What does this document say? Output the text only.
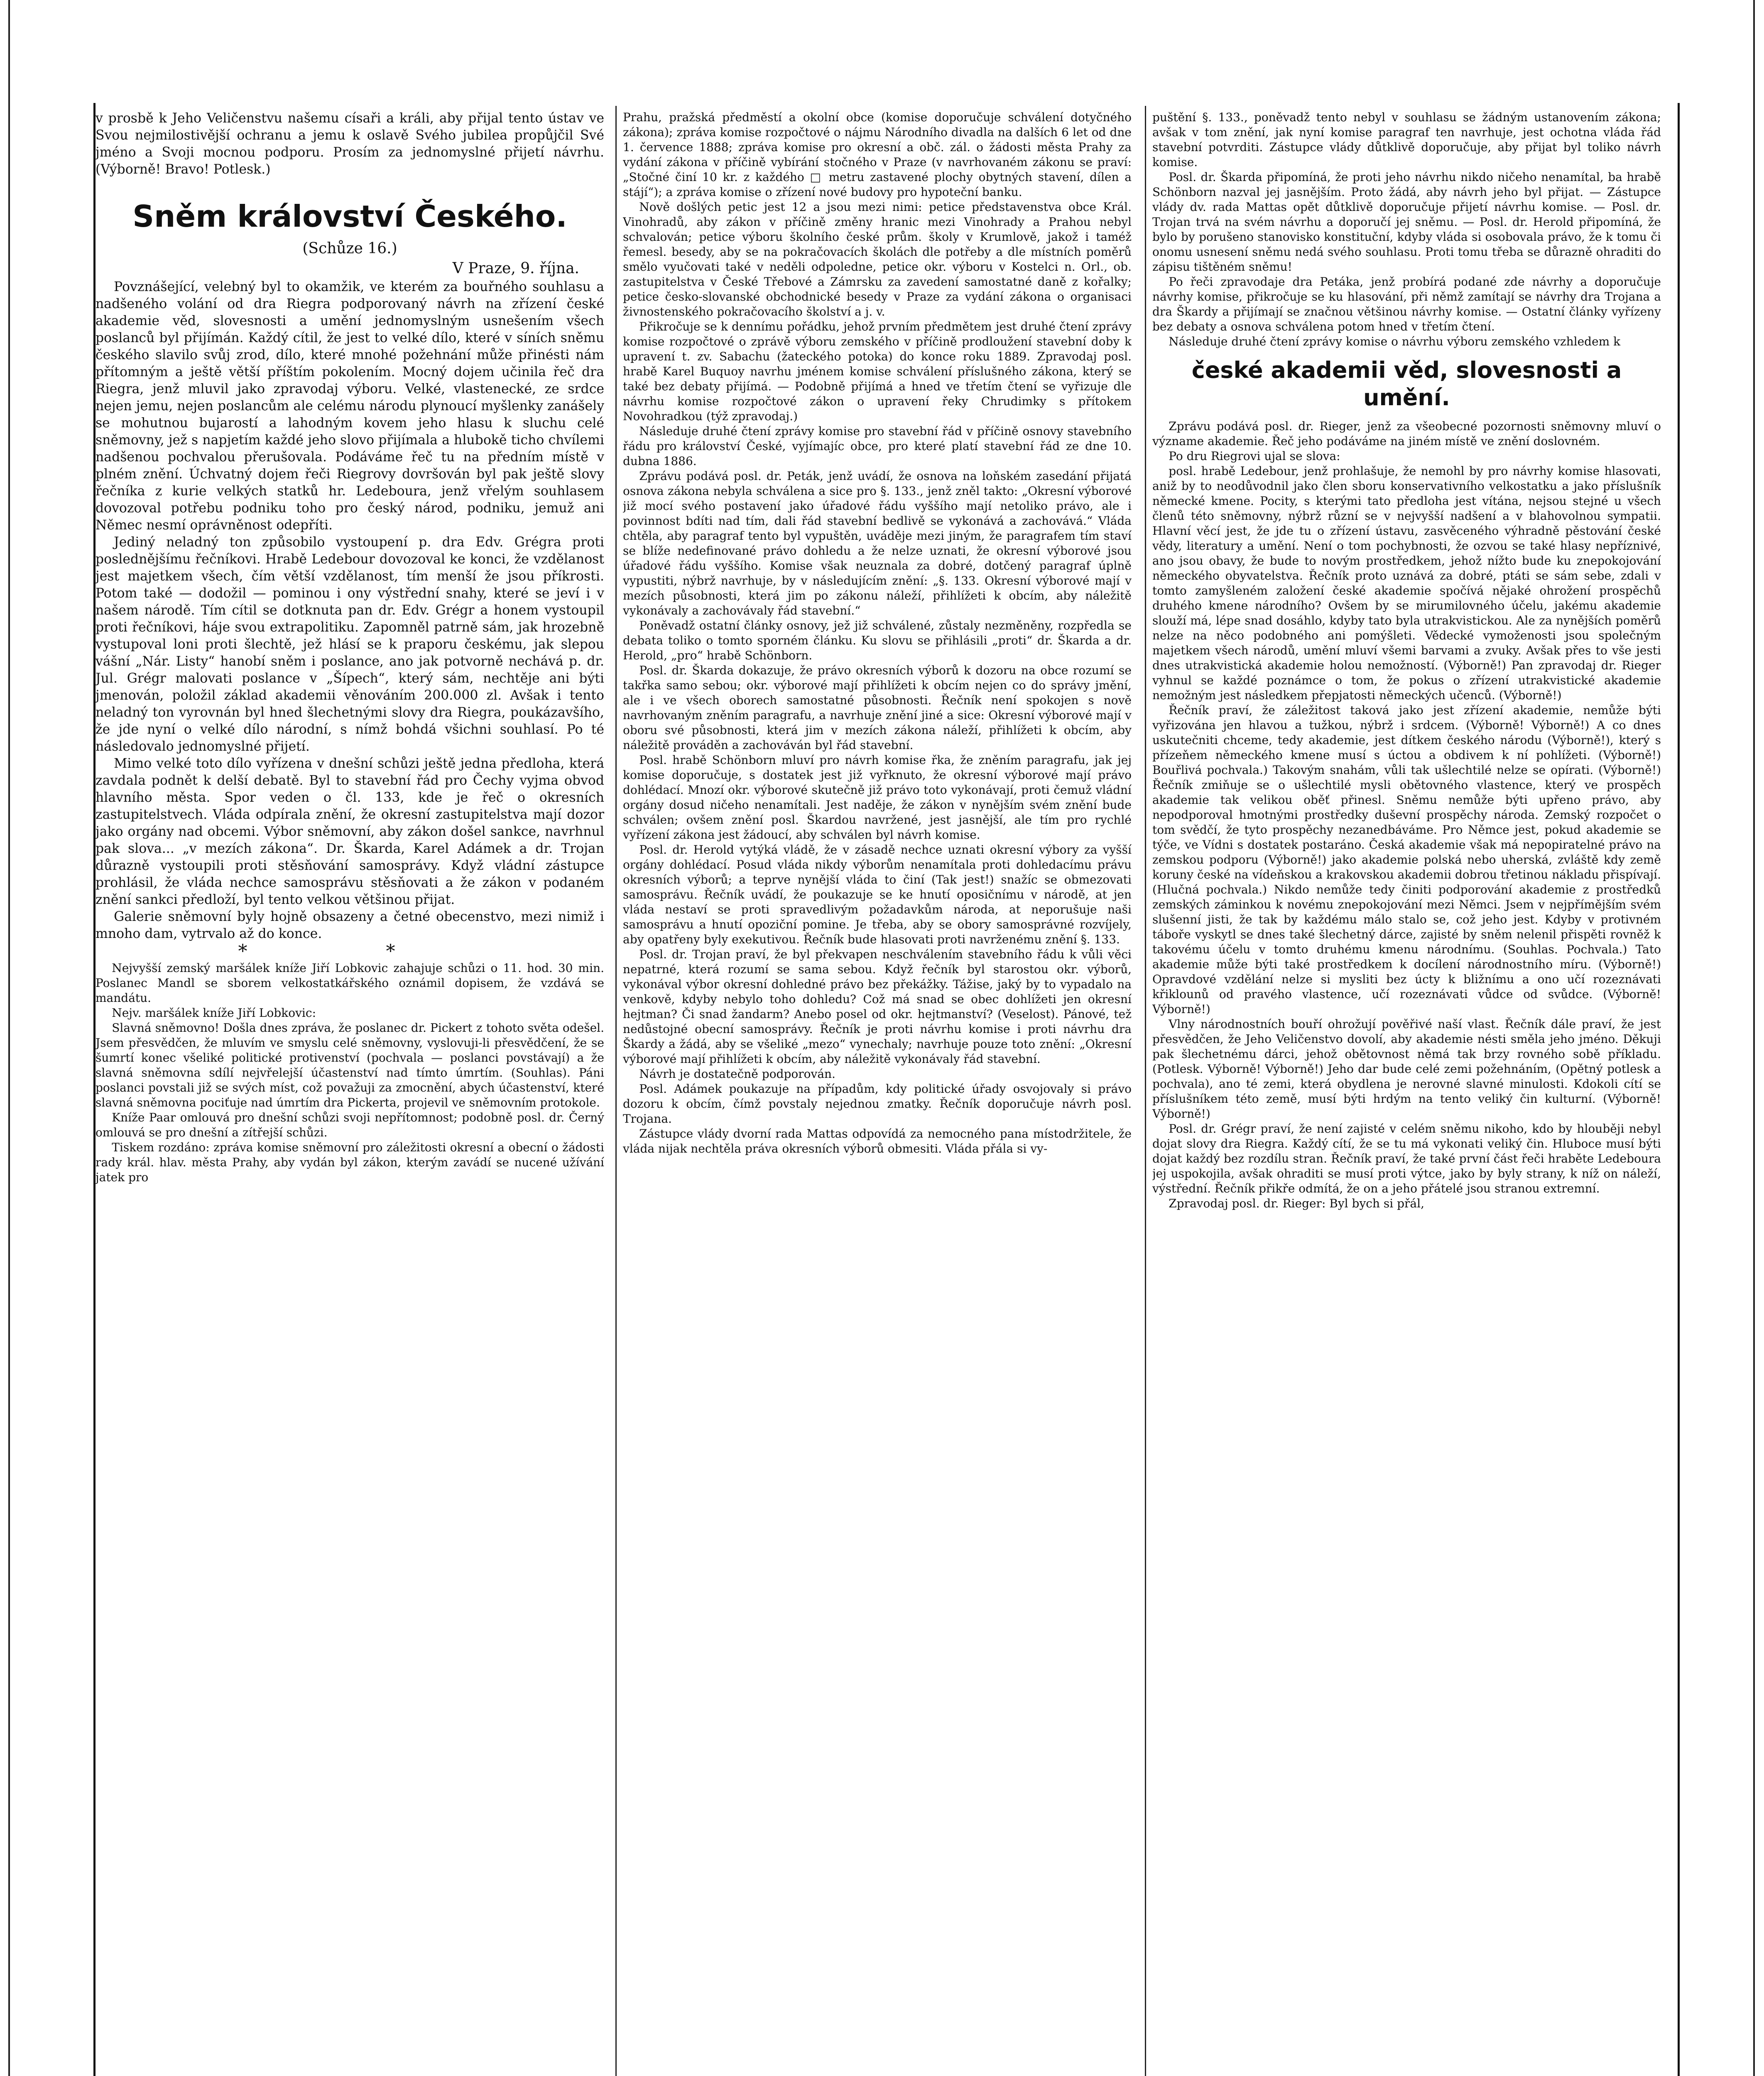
v prosbě k Jeho Veličenstvu našemu císaři a králi, aby přijal tento ústav ve Svou nejmilostivější ochranu a jemu k oslavě Svého jubilea propůjčil Své jméno a Svoji mocnou podporu. Prosím za jednomyslné přijetí návrhu. (Výborně! Bravo! Potlesk.)

Sněm království Českého.
(Schůze 16.)
V Praze, 9. října.

Povznášející, velebný byl to okamžik, ve kterém za bouřného souhlasu a nadšeného volání od dra Riegra podporovaný návrh na zřízení české akademie věd, slovesnosti a umění jednomyslným usnešením všech poslanců byl přijímán. Každý cítil, že jest to velké dílo, které v síních sněmu českého slavilo svůj zrod, dílo, které mnohé požehnání může přinésti nám přítomným a ještě větší příštím pokolením. Mocný dojem učinila řeč dra Riegra, jenž mluvil jako zpravodaj výboru. Velké, vlastenecké, ze srdce nejen jemu, nejen poslancům ale celému národu plynoucí myšlenky zanášely se mohutnou bujarostí a lahodným kovem jeho hlasu k sluchu celé sněmovny, jež s napjetím každé jeho slovo přijímala a hlubokě ticho chvílemi nadšenou pochvalou přerušovala. Podáváme řeč tu na předním místě v plném znění. Úchvatný dojem řeči Riegrovy dovršován byl pak ještě slovy řečníka z kurie velkých statků hr. Ledeboura, jenž vřelým souhlasem dovozoval potřebu podniku toho pro český národ, podniku, jemuž ani Němec nesmí oprávněnost odepříti.

Jediný neladný ton způsobilo vystoupení p. dra Edv. Grégra proti poslednějšímu řečníkovi. Hrabě Ledebour dovozoval ke konci, že vzdělanost jest majetkem všech, čím větší vzdělanost, tím menší že jsou příkrosti. Potom také — dodožil — pominou i ony výstřední snahy, které se jeví i v našem národě. Tím cítil se dotknuta pan dr. Edv. Grégr a honem vystoupil proti řečníkovi, háje svou extrapolitiku. Zapomněl patrně sám, jak hrozebně vystupoval loni proti šlechtě, jež hlásí se k praporu českému, jak slepou vášní „Nár. Listy“ hanobí sněm i poslance, ano jak potvorně nechává p. dr. Jul. Grégr malovati poslance v „Šípech“, který sám, nechtěje ani býti jmenován, položil základ akademii věnováním 200.000 zl. Avšak i tento neladný ton vyrovnán byl hned šlechetnými slovy dra Riegra, poukázavšího, že jde nyní o velké dílo národní, s nímž bohdá všichni souhlasí. Po té následovalo jednomyslné přijetí.

Mimo velké toto dílo vyřízena v dnešní schůzi ještě jedna předloha, která zavdala podnět k delší debatě. Byl to stavební řád pro Čechy vyjma obvod hlavního města. Spor veden o čl. 133, kde je řeč o okresních zastupitelstvech. Vláda odpírala znění, že okresní zastupitelstva mají dozor jako orgány nad obcemi. Výbor sněmovní, aby zákon došel sankce, navrhnul pak slova... „v mezích zákona“. Dr. Škarda, Karel Adámek a dr. Trojan důrazně vystoupili proti stěsňování samosprávy. Když vládní zástupce prohlásil, že vláda nechce samosprávu stěsňovati a že zákon v podaném znění sankci předloží, byl tento velkou většinou přijat.

Galerie sněmovní byly hojně obsazeny a četné obecenstvo, mezi nimiž i mnoho dam, vytrvalo až do konce.

* *

Nejvyšší zemský maršálek kníže Jiří Lobkovic zahajuje schůzi o 11. hod. 30 min. Poslanec Mandl se sborem velkostatkářského oznámil dopisem, že vzdává se mandátu.

Nejv. maršálek kníže Jiří Lobkovic:

Slavná sněmovno! Došla dnes zpráva, že poslanec dr. Pickert z tohoto světa odešel. Jsem přesvědčen, že mluvím ve smyslu celé sněmovny, vyslovuji-li přesvědčení, že se šumrtí konec všeliké politické protivenství (pochvala — poslanci povstávají) a že slavná sněmovna sdílí nejvřelejší účastenství nad tímto úmrtím. (Souhlas). Páni poslanci povstali již se svých míst, což považuji za zmocnění, abych účastenství, které slavná sněmovna pociťuje nad úmrtím dra Pickerta, projevil ve sněmovním protokole.

Kníže Paar omlouvá pro dnešní schůzi svoji nepřítomnost; podobně posl. dr. Černý omlouvá se pro dnešní a zítřejší schůzi.

Tiskem rozdáno: zpráva komise sněmovní pro záležitosti okresní a obecní o žádosti rady král. hlav. města Prahy, aby vydán byl zákon, kterým zavádí se nucené užívání jatek pro

Prahu, pražská předměstí a okolní obce (komise doporučuje schválení dotyčného zákona); zpráva komise rozpočtové o nájmu Národního divadla na dalších 6 let od dne 1. července 1888; zpráva komise pro okresní a obč. zál. o žádosti města Prahy za vydání zákona v příčině vybírání stočného v Praze (v navrhovaném zákonu se praví: „Stočné činí 10 kr. z každého □ metru zastavené plochy obytných stavení, dílen a stájí“); a zpráva komise o zřízení nové budovy pro hypoteční banku.

Nově došlých petic jest 12 a jsou mezi nimi: petice představenstva obce Král. Vinohradů, aby zákon v příčině změny hranic mezi Vinohrady a Prahou nebyl schvalován; petice výboru školního české prům. školy v Krumlově, jakož i taméž řemesl. besedy, aby se na pokračovacích školách dle potřeby a dle místních poměrů smělo vyučovati také v neděli odpoledne, petice okr. výboru v Kostelci n. Orl., ob. zastupitelstva v České Třebové a Zámrsku za zavedení samostatné daně z kořalky; petice česko-slovanské obchodnické besedy v Praze za vydání zákona o organisaci živnostenského pokračovacího školství a j. v.

Přikročuje se k dennímu pořádku, jehož prvním předmětem jest druhé čtení zprávy komise rozpočtové o zprávě výboru zemského v příčině prodloužení stavební doby k upravení t. zv. Sabachu (žateckého potoka) do konce roku 1889. Zpravodaj posl. hrabě Karel Buquoy navrhu jménem komise schválení příslušného zákona, který se také bez debaty přijímá. — Podobně přijímá a hned ve třetím čtení se vyřizuje dle návrhu komise rozpočtové zákon o upravení řeky Chrudimky s přítokem Novohradkou (týž zpravodaj.)

Následuje druhé čtení zprávy komise pro stavební řád v příčině osnovy stavebního řádu pro království České, vyjímajíc obce, pro které platí stavební řád ze dne 10. dubna 1886.

Zprávu podává posl. dr. Peták, jenž uvádí, že osnova na loňském zasedání přijatá osnova zákona nebyla schválena a sice pro §. 133., jenž zněl takto: „Okresní výborové již mocí svého postavení jako úřadové řádu vyššího mají netoliko právo, ale i povinnost bdíti nad tím, dali řád stavební bedlivě se vykonává a zachovává.“ Vláda chtěla, aby paragraf tento byl vypuštěn, uváděje mezi jiným, že paragrafem tím staví se blíže nedefinované právo dohledu a že nelze uznati, že okresní výborové jsou úřadové řádu vyššího. Komise však neuznala za dobré, dotčený paragraf úplně vypustiti, nýbrž navrhuje, by v následujícím znění: „§. 133. Okresní výborové mají v mezích působnosti, která jim po zákonu náleží, přihlížeti k obcím, aby náležitě vykonávaly a zachovávaly řád stavební.“

Poněvadž ostatní články osnovy, jež již schválené, zůstaly nezměněny, rozpředla se debata toliko o tomto sporném článku. Ku slovu se přihlásili „proti“ dr. Škarda a dr. Herold, „pro“ hrabě Schönborn.

Posl. dr. Škarda dokazuje, že právo okresních výborů k dozoru na obce rozumí se takřka samo sebou; okr. výborové mají přihlížeti k obcím nejen co do správy jmění, ale i ve všech oborech samostatné působnosti. Řečník není spokojen s nově navrhovaným zněním paragrafu, a navrhuje znění jiné a sice: Okresní výborové mají v oboru své působnosti, která jim v mezích zákona náleží, přihlížeti k obcím, aby náležitě prováděn a zachováván byl řád stavební.

Posl. hrabě Schönborn mluví pro návrh komise řka, že zněním paragrafu, jak jej komise doporučuje, s dostatek jest již vyřknuto, že okresní výborové mají právo dohlédací. Mnozí okr. výborové skutečně již právo toto vykonávají, proti čemuž vládní orgány dosud ničeho nenamítali. Jest naděje, že zákon v nynějším svém znění bude schválen; ovšem znění posl. Škardou navržené, jest jasnější, ale tím pro rychlé vyřízení zákona jest žádoucí, aby schválen byl návrh komise.

Posl. dr. Herold vytýká vládě, že v zásadě nechce uznati okresní výbory za vyšší orgány dohlédací. Posud vláda nikdy výborům nenamítala proti dohledacímu právu okresních výborů; a teprve nynější vláda to činí (Tak jest!) snažíc se obmezovati samosprávu. Řečník uvádí, že poukazuje se ke hnutí oposičnímu v národě, at jen vláda nestaví se proti spravedlivým požadavkům národa, at neporušuje naši samosprávu a hnutí opoziční pomine. Je třeba, aby se obory samosprávné rozvíjely, aby opatřeny byly exekutivou. Řečník bude hlasovati proti navrženému znění §. 133.

Posl. dr. Trojan praví, že byl překvapen neschválením stavebního řádu k vůli věci nepatrné, která rozumí se sama sebou. Když řečník byl starostou okr. výborů, vykonával výbor okresní dohledné právo bez překážky. Tážise, jaký by to vypadalo na venkově, kdyby nebylo toho dohledu? Což má snad se obec dohlížeti jen okresní hejtman? Či snad žandarm? Anebo posel od okr. hejtmanství? (Veselost). Pánové, tež nedůstojné obecní samosprávy. Řečník je proti návrhu komise i proti návrhu dra Škardy a žádá, aby se všeliké „mezo“ vynechaly; navrhuje pouze toto znění: „Okresní výborové mají přihlížeti k obcím, aby náležitě vykonávaly řád stavební.

Návrh je dostatečně podporován.

Posl. Adámek poukazuje na případům, kdy politické úřady osvojovaly si právo dozoru k obcím, čímž povstaly nejednou zmatky. Řečník doporučuje návrh posl. Trojana.

Zástupce vlády dvorní rada Mattas odpovídá za nemocného pana místodržitele, že vláda nijak nechtěla práva okresních výborů obmesiti. Vláda přála si vy-

puštění §. 133., poněvadž tento nebyl v souhlasu se žádným ustanovením zákona; avšak v tom znění, jak nyní komise paragraf ten navrhuje, jest ochotna vláda řád stavební potvrditi. Zástupce vlády důtklivě doporučuje, aby přijat byl toliko návrh komise.

Posl. dr. Škarda připomíná, že proti jeho návrhu nikdo ničeho nenamítal, ba hrabě Schönborn nazval jej jasnějším. Proto žádá, aby návrh jeho byl přijat. — Zástupce vlády dv. rada Mattas opět důtklivě doporučuje přijetí návrhu komise. — Posl. dr. Trojan trvá na svém návrhu a doporučí jej sněmu. — Posl. dr. Herold připomíná, že bylo by porušeno stanovisko konstituční, kdyby vláda si osobovala právo, že k tomu či onomu usnesení sněmu nedá svého souhlasu. Proti tomu třeba se důrazně ohraditi do zápisu tištěném sněmu!

Po řeči zpravodaje dra Petáka, jenž probírá podané zde návrhy a doporučuje návrhy komise, přikročuje se ku hlasování, při němž zamítají se návrhy dra Trojana a dra Škardy a přijímají se značnou většinou návrhy komise. — Ostatní články vyřízeny bez debaty a osnova schválena potom hned v třetím čtení.

Následuje druhé čtení zprávy komise o návrhu výboru zemského vzhledem k

české akademii věd, slovesnosti a umění.

Zprávu podává posl. dr. Rieger, jenž za všeobecné pozornosti sněmovny mluví o význame akademie. Řeč jeho podáváme na jiném místě ve znění doslovném.

Po dru Riegrovi ujal se slova:

posl. hrabě Ledebour, jenž prohlašuje, že nemohl by pro návrhy komise hlasovati, aniž by to neodůvodnil jako člen sboru konservativního velkostatku a jako příslušník německé kmene. Pocity, s kterými tato předloha jest vítána, nejsou stejné u všech členů této sněmovny, nýbrž různí se v nejvyšší nadšení a v blahovolnou sympatii. Hlavní věcí jest, že jde tu o zřízení ústavu, zasvěceného výhradně pěstování české vědy, literatury a umění. Není o tom pochybnosti, že ozvou se také hlasy nepříznivé, ano jsou obavy, že bude to novým prostředkem, jehož nížto bude ku znepokojování německého obyvatelstva. Řečník proto uznává za dobré, ptáti se sám sebe, zdali v tomto zamyšleném založení české akademie spočívá nějaké ohrožení prospěchů druhého kmene národního? Ovšem by se mirumilovného účelu, jakému akademie slouží má, lépe snad dosáhlo, kdyby tato byla utrakvistickou. Ale za nynějších poměrů nelze na něco podobného ani pomýšleti. Vědecké vymoženosti jsou společným majetkem všech národů, umění mluví všemi barvami a zvuky. Avšak přes to vše jesti dnes utrakvistická akademie holou nemožností. (Výborně!) Pan zpravodaj dr. Rieger vyhnul se každé poznámce o tom, že pokus o zřízení utrakvistické akademie nemožným jest následkem přepjatosti německých učenců. (Výborně!)

Řečník praví, že záležitost taková jako jest zřízení akademie, nemůže býti vyřizována jen hlavou a tužkou, nýbrž i srdcem. (Výborně! Výborně!) A co dnes uskutečniti chceme, tedy akademie, jest dítkem českého národu (Výborně!), který s přízeňem německého kmene musí s úctou a obdivem k ní pohlížeti. (Výborně!) Bouřlivá pochvala.) Takovým snahám, vůli tak ušlechtilé nelze se opírati. (Výborně!) Řečník zmiňuje se o ušlechtilé mysli obětovného vlastence, který ve prospěch akademie tak velikou oběť přinesl. Sněmu nemůže býti upřeno právo, aby nepodporoval hmotnými prostředky duševní prospěchy národa. Zemský rozpočet o tom svědčí, že tyto prospěchy nezanedbáváme. Pro Němce jest, pokud akademie se týče, ve Vídni s dostatek postaráno. Česká akademie však má nepopiratelné právo na zemskou podporu (Výborně!) jako akademie polská nebo uherská, zvláště kdy země koruny české na vídeňskou a krakovskou akademii dobrou třetinou nákladu přispívají. (Hlučná pochvala.) Nikdo nemůže tedy činiti podporování akademie z prostředků zemských záminkou k novému znepokojování mezi Němci. Jsem v nejpřímějším svém slušenní jisti, že tak by každému málo stalo se, což jeho jest. Kdyby v protivném táboře vyskytl se dnes také šlechetný dárce, zajisté by sněm nelenil přispěti rovněž k takovému účelu v tomto druhému kmenu národnímu. (Souhlas. Pochvala.) Tato akademie může býti také prostředkem k docílení národnostního míru. (Výborně!) Opravdové vzdělání nelze si mysliti bez úcty k bližnímu a ono učí rozeznávati křiklounů od pravého vlastence, učí rozeznávati vůdce od svůdce. (Výborně! Výborně!)

Vlny národnostních bouří ohrožují pověřivé naší vlast. Řečník dále praví, že jest přesvědčen, že Jeho Veličenstvo dovolí, aby akademie nésti směla jeho jméno. Děkuji pak šlechetnému dárci, jehož obětovnost němá tak brzy rovného sobě příkladu. (Potlesk. Výborně! Výborně!) Jeho dar bude celé zemi požehnáním, (Opětný potlesk a pochvala), ano té zemi, která obydlena je nerovné slavné minulosti. Kdokoli cítí se příslušníkem této země, musí býti hrdým na tento veliký čin kulturní. (Výborně! Výborně!)

Posl. dr. Grégr praví, že není zajisté v celém sněmu nikoho, kdo by hlouběji nebyl dojat slovy dra Riegra. Každý cítí, že se tu má vykonati veliký čin. Hluboce musí býti dojat každý bez rozdílu stran. Řečník praví, že také první část řeči hraběte Ledeboura jej uspokojila, avšak ohraditi se musí proti výtce, jako by byly strany, k níž on náleží, výstřední. Řečník přikře odmítá, že on a jeho přátelé jsou stranou extremní.

Zpravodaj posl. dr. Rieger: Byl bych si přál,
